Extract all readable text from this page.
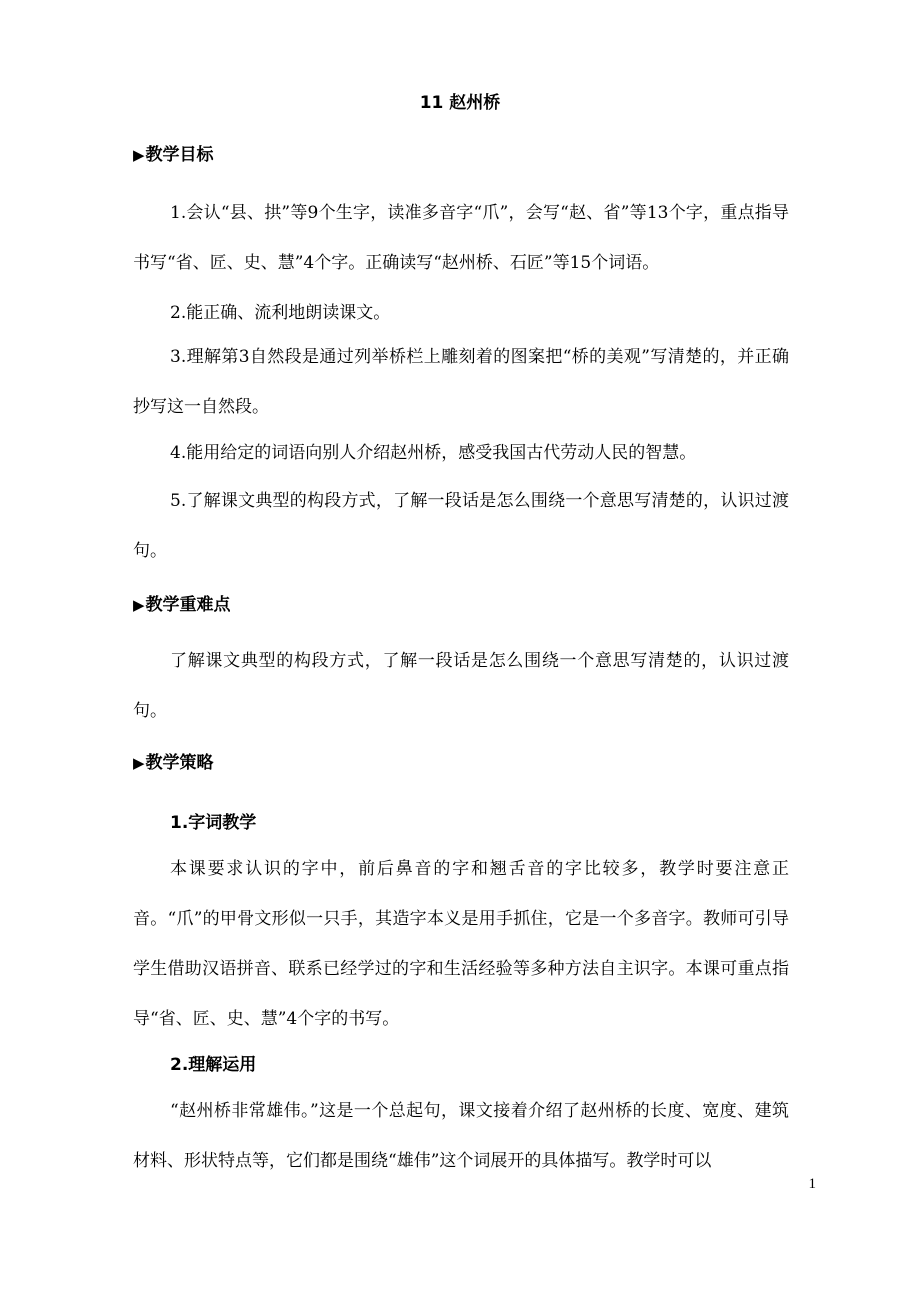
11 赵州桥
▶教学目标
1.会认“县、拱”等9个生字，读准多音字“爪”，会写“赵、省”等13个字，重点指导书写“省、匠、史、慧”4个字。正确读写“赵州桥、石匠”等15个词语。
2.能正确、流利地朗读课文。
3.理解第3自然段是通过列举桥栏上雕刻着的图案把“桥的美观”写清楚的，并正确抄写这一自然段。
4.能用给定的词语向别人介绍赵州桥，感受我国古代劳动人民的智慧。
5.了解课文典型的构段方式，了解一段话是怎么围绕一个意思写清楚的，认识过渡句。
▶教学重难点
了解课文典型的构段方式，了解一段话是怎么围绕一个意思写清楚的，认识过渡句。
▶教学策略
1.字词教学
本课要求认识的字中，前后鼻音的字和翘舌音的字比较多，教学时要注意正音。“爪”的甲骨文形似一只手，其造字本义是用手抓住，它是一个多音字。教师可引导学生借助汉语拼音、联系已经学过的字和生活经验等多种方法自主识字。本课可重点指导“省、匠、史、慧”4个字的书写。
2.理解运用
“赵州桥非常雄伟。”这是一个总起句，课文接着介绍了赵州桥的长度、宽度、建筑材料、形状特点等，它们都是围绕“雄伟”这个词展开的具体描写。教学时可以
1
